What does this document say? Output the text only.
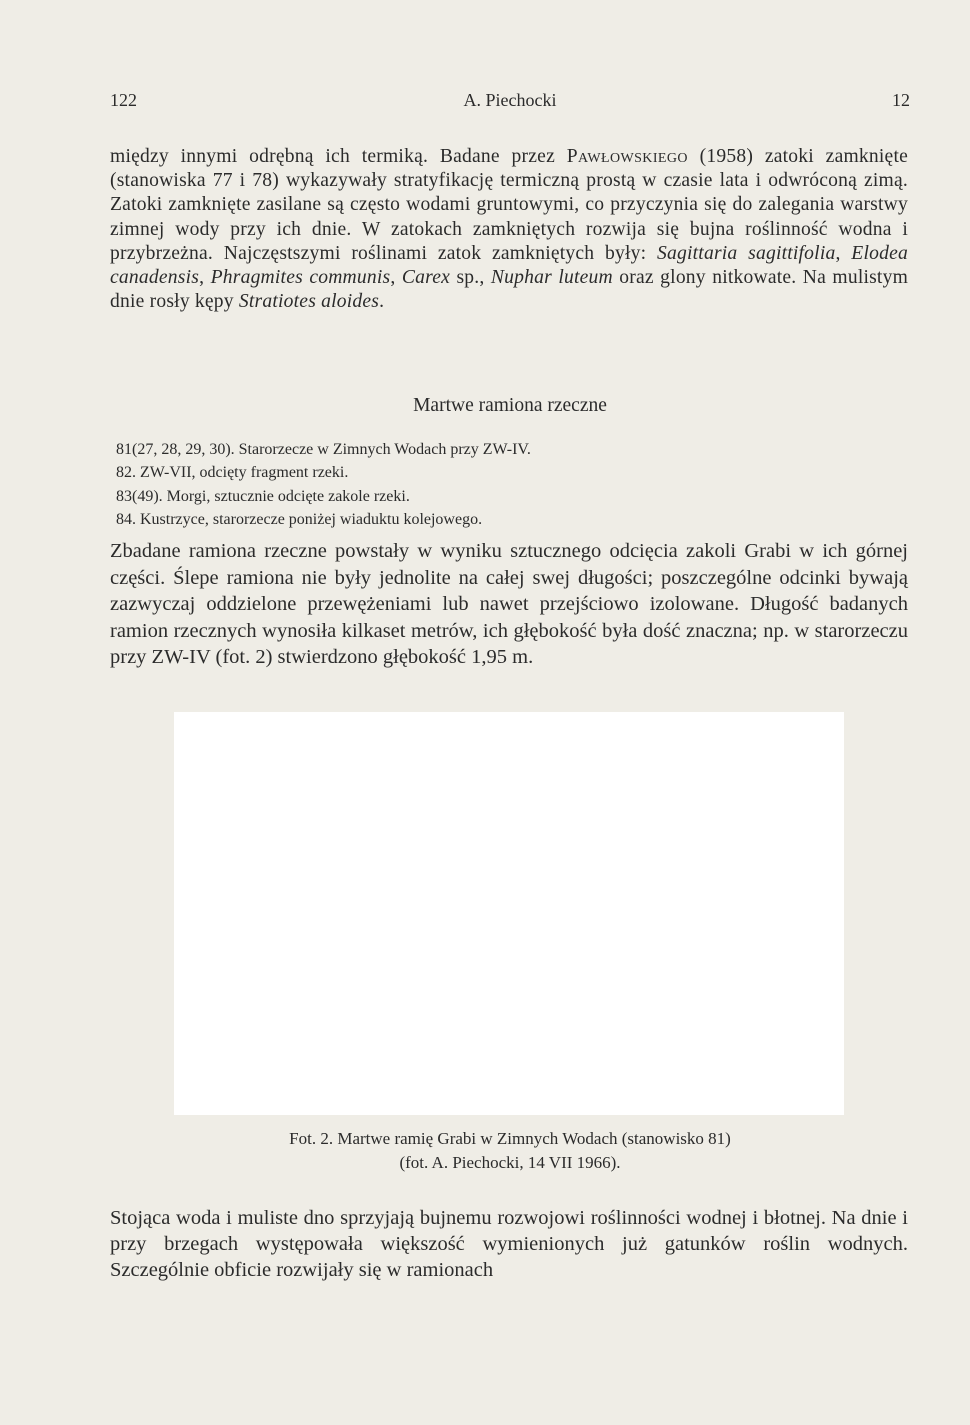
122	A. Piechocki	12

między innymi odrębną ich termiką. Badane przez Pawłowskiego (1958) zatoki zamknięte (stanowiska 77 i 78) wykazywały stratyfikację termiczną prostą w czasie lata i odwróconą zimą. Zatoki zamknięte zasilane są często wodami gruntowymi, co przyczynia się do zalegania warstwy zimnej wody przy ich dnie. W zatokach zamkniętych rozwija się bujna roślinność wodna i przybrzeżna. Najczęstszymi roślinami zatok zamkniętych były: Sagittaria sagittifolia, Elodea canadensis, Phragmites communis, Carex sp., Nuphar luteum oraz glony nitkowate. Na mulistym dnie rosły kępy Stratiotes aloides.

Martwe ramiona rzeczne
81(27, 28, 29, 30). Starorzecze w Zimnych Wodach przy ZW-IV.
82. ZW-VII, odcięty fragment rzeki.
83(49). Morgi, sztucznie odcięte zakole rzeki.
84. Kustrzyce, starorzecze poniżej wiaduktu kolejowego.

Zbadane ramiona rzeczne powstały w wyniku sztucznego odcięcia zakoli Grabi w ich górnej części. Ślepe ramiona nie były jednolite na całej swej długości; poszczególne odcinki bywają zazwyczaj oddzielone przewężeniami lub nawet przejściowo izolowane. Długość badanych ramion rzecznych wynosiła kilkaset metrów, ich głębokość była dość znaczna; np. w starorzeczu przy ZW-IV (fot. 2) stwierdzono głębokość 1,95 m.

Fot. 2. Martwe ramię Grabi w Zimnych Wodach (stanowisko 81)
(fot. A. Piechocki, 14 VII 1966).

Stojąca woda i muliste dno sprzyjają bujnemu rozwojowi roślinności wodnej i błotnej. Na dnie i przy brzegach występowała większość wymienionych już gatunków roślin wodnych. Szczególnie obficie rozwijały się w ramionach
